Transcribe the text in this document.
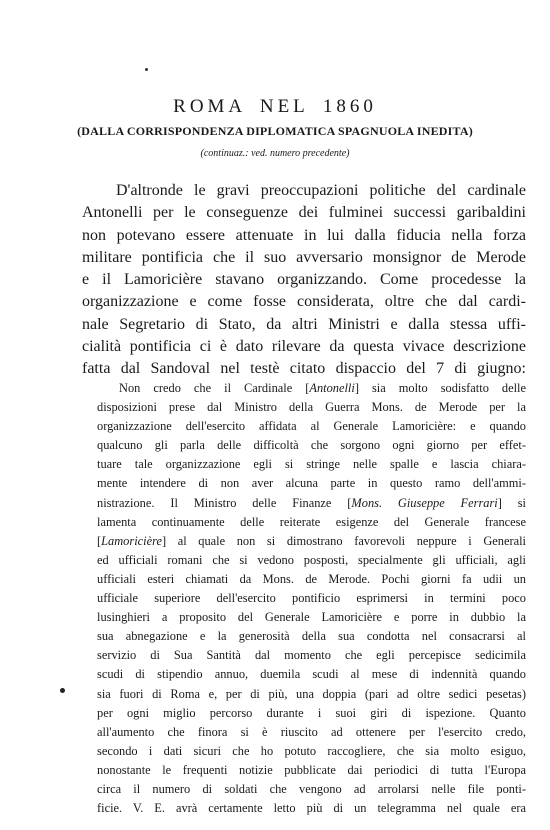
ROMA NEL 1860
(DALLA CORRISPONDENZA DIPLOMATICA SPAGNUOLA INEDITA)
(continuaz.: ved. numero precedente)
D'altronde le gravi preoccupazioni politiche del cardinale
Antonelli per le conseguenze dei fulminei successi garibaldini
non potevano essere attenuate in lui dalla fiducia nella forza
militare pontificia che il suo avversario monsignor de Merode
e il Lamoricière stavano organizzando. Come procedesse la
organizzazione e come fosse considerata, oltre che dal cardi-
nale Segretario di Stato, da altri Ministri e dalla stessa uffi-
cialità pontificia ci è dato rilevare da questa vivace descrizione
fatta dal Sandoval nel testè citato dispaccio del 7 di giugno:
Non credo che il Cardinale [Antonelli] sia molto sodisfatto delle
disposizioni prese dal Ministro della Guerra Mons. de Merode per la
organizzazione dell'esercito affidata al Generale Lamoricière: e quando
qualcuno gli parla delle difficoltà che sorgono ogni giorno per effet-
tuare tale organizzazione egli si stringe nelle spalle e lascia chiara-
mente intendere di non aver alcuna parte in questo ramo dell'ammi-
nistrazione. Il Ministro delle Finanze [Mons. Giuseppe Ferrari] si
lamenta continuamente delle reiterate esigenze del Generale francese
[Lamoricière] al quale non si dimostrano favorevoli neppure i Generali
ed ufficiali romani che si vedono posposti, specialmente gli ufficiali, agli
ufficiali esteri chiamati da Mons. de Merode. Pochi giorni fa udii un
ufficiale superiore dell'esercito pontificio esprimersi in termini poco
lusinghieri a proposito del Generale Lamoricière e porre in dubbio la
sua abnegazione e la generosità della sua condotta nel consacrarsi al
servizio di Sua Santità dal momento che egli percepisce sedicimila
scudi di stipendio annuo, duemila scudi al mese di indennità quando
sia fuori di Roma e, per di più, una doppia (pari ad oltre sedici pesetas)
per ogni miglio percorso durante i suoi giri di ispezione. Quanto
all'aumento che finora si è riuscito ad ottenere per l'esercito credo,
secondo i dati sicuri che ho potuto raccogliere, che sia molto esiguo,
nonostante le frequenti notizie pubblicate dai periodici di tutta l'Europa
circa il numero di soldati che vengono ad arrolarsi nelle file ponti-
ficie. V. E. avrà certamente letto più di un telegramma nel quale era
